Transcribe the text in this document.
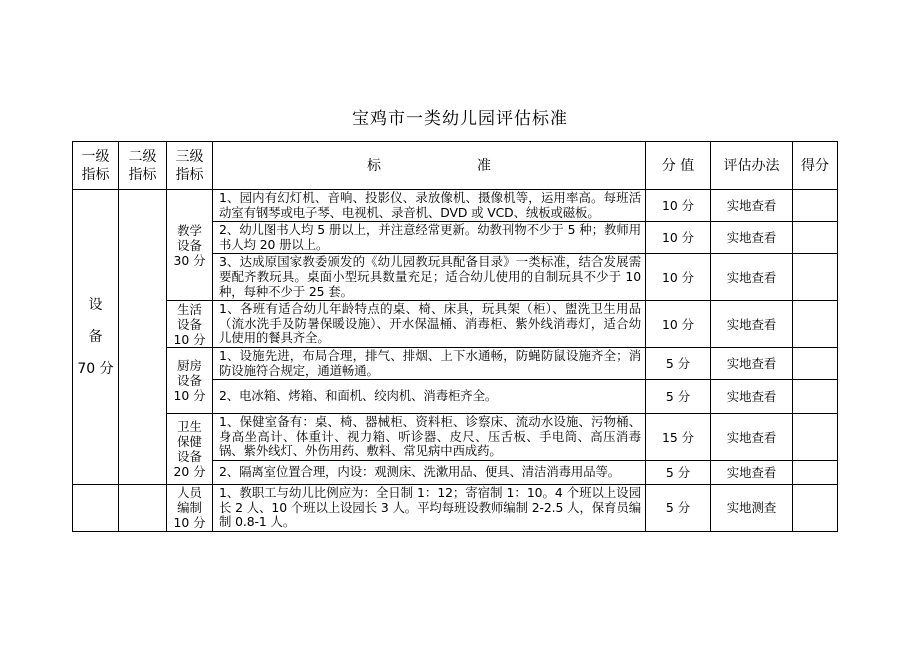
宝鸡市一类幼儿园评估标准
一级
指标	二级
指标	三级
指标	标 准	分 值	评估办法	得分

设
备
70 分		教学
设备
30 分	1、园内有幻灯机、音响、投影仪、录放像机、摄像机等，运用率高。每班活动室有钢琴或电子琴、电视机、录音机、DVD 或 VCD、绒板或磁板。	10 分	实地查看	
			2、幼儿图书人均 5 册以上，并注意经常更新。幼教刊物不少于 5 种；教师用书人均 20 册以上。	10 分	实地查看	
			3、达成原国家教委颁发的《幼儿园教玩具配备目录》一类标准，结合发展需要配齐教玩具。桌面小型玩具数量充足；适合幼儿使用的自制玩具不少于 10 种，每种不少于 25 套。	10 分	实地查看	
		生活
设备
10 分	1、各班有适合幼儿年龄特点的桌、椅、床具，玩具架（柜）、盥洗卫生用品（流水洗手及防暑保暖设施）、开水保温桶、消毒柜、紫外线消毒灯，适合幼儿使用的餐具齐全。	10 分	实地查看	
		厨房
设备
10 分	1、设施先进，布局合理，排气、排烟、上下水通畅，防蝇防鼠设施齐全；消防设施符合规定，通道畅通。	5 分	实地查看	
			2、电冰箱、烤箱、和面机、绞肉机、消毒柜齐全。	5 分	实地查看	
		卫生
保健
设备
20 分	1、保健室备有：桌、椅、器械柜、资料柜、诊察床、流动水设施、污物桶、身高坐高计、体重计、视力箱、听诊器、皮尺、压舌板、手电筒、高压消毒锅、紫外线灯、外伤用药、敷料、常见病中西成药。	15 分	实地查看	
			2、隔离室位置合理，内设：观测床、洗漱用品、便具、清洁消毒用品等。	5 分	实地查看	
		人员
编制
10 分	1、教职工与幼儿比例应为：全日制 1：12；寄宿制 1：10。4 个班以上设园长 2 人、10 个班以上设园长 3 人。平均每班设教师编制 2-2.5 人，保育员编制 0.8-1 人。	5 分	实地测查	
